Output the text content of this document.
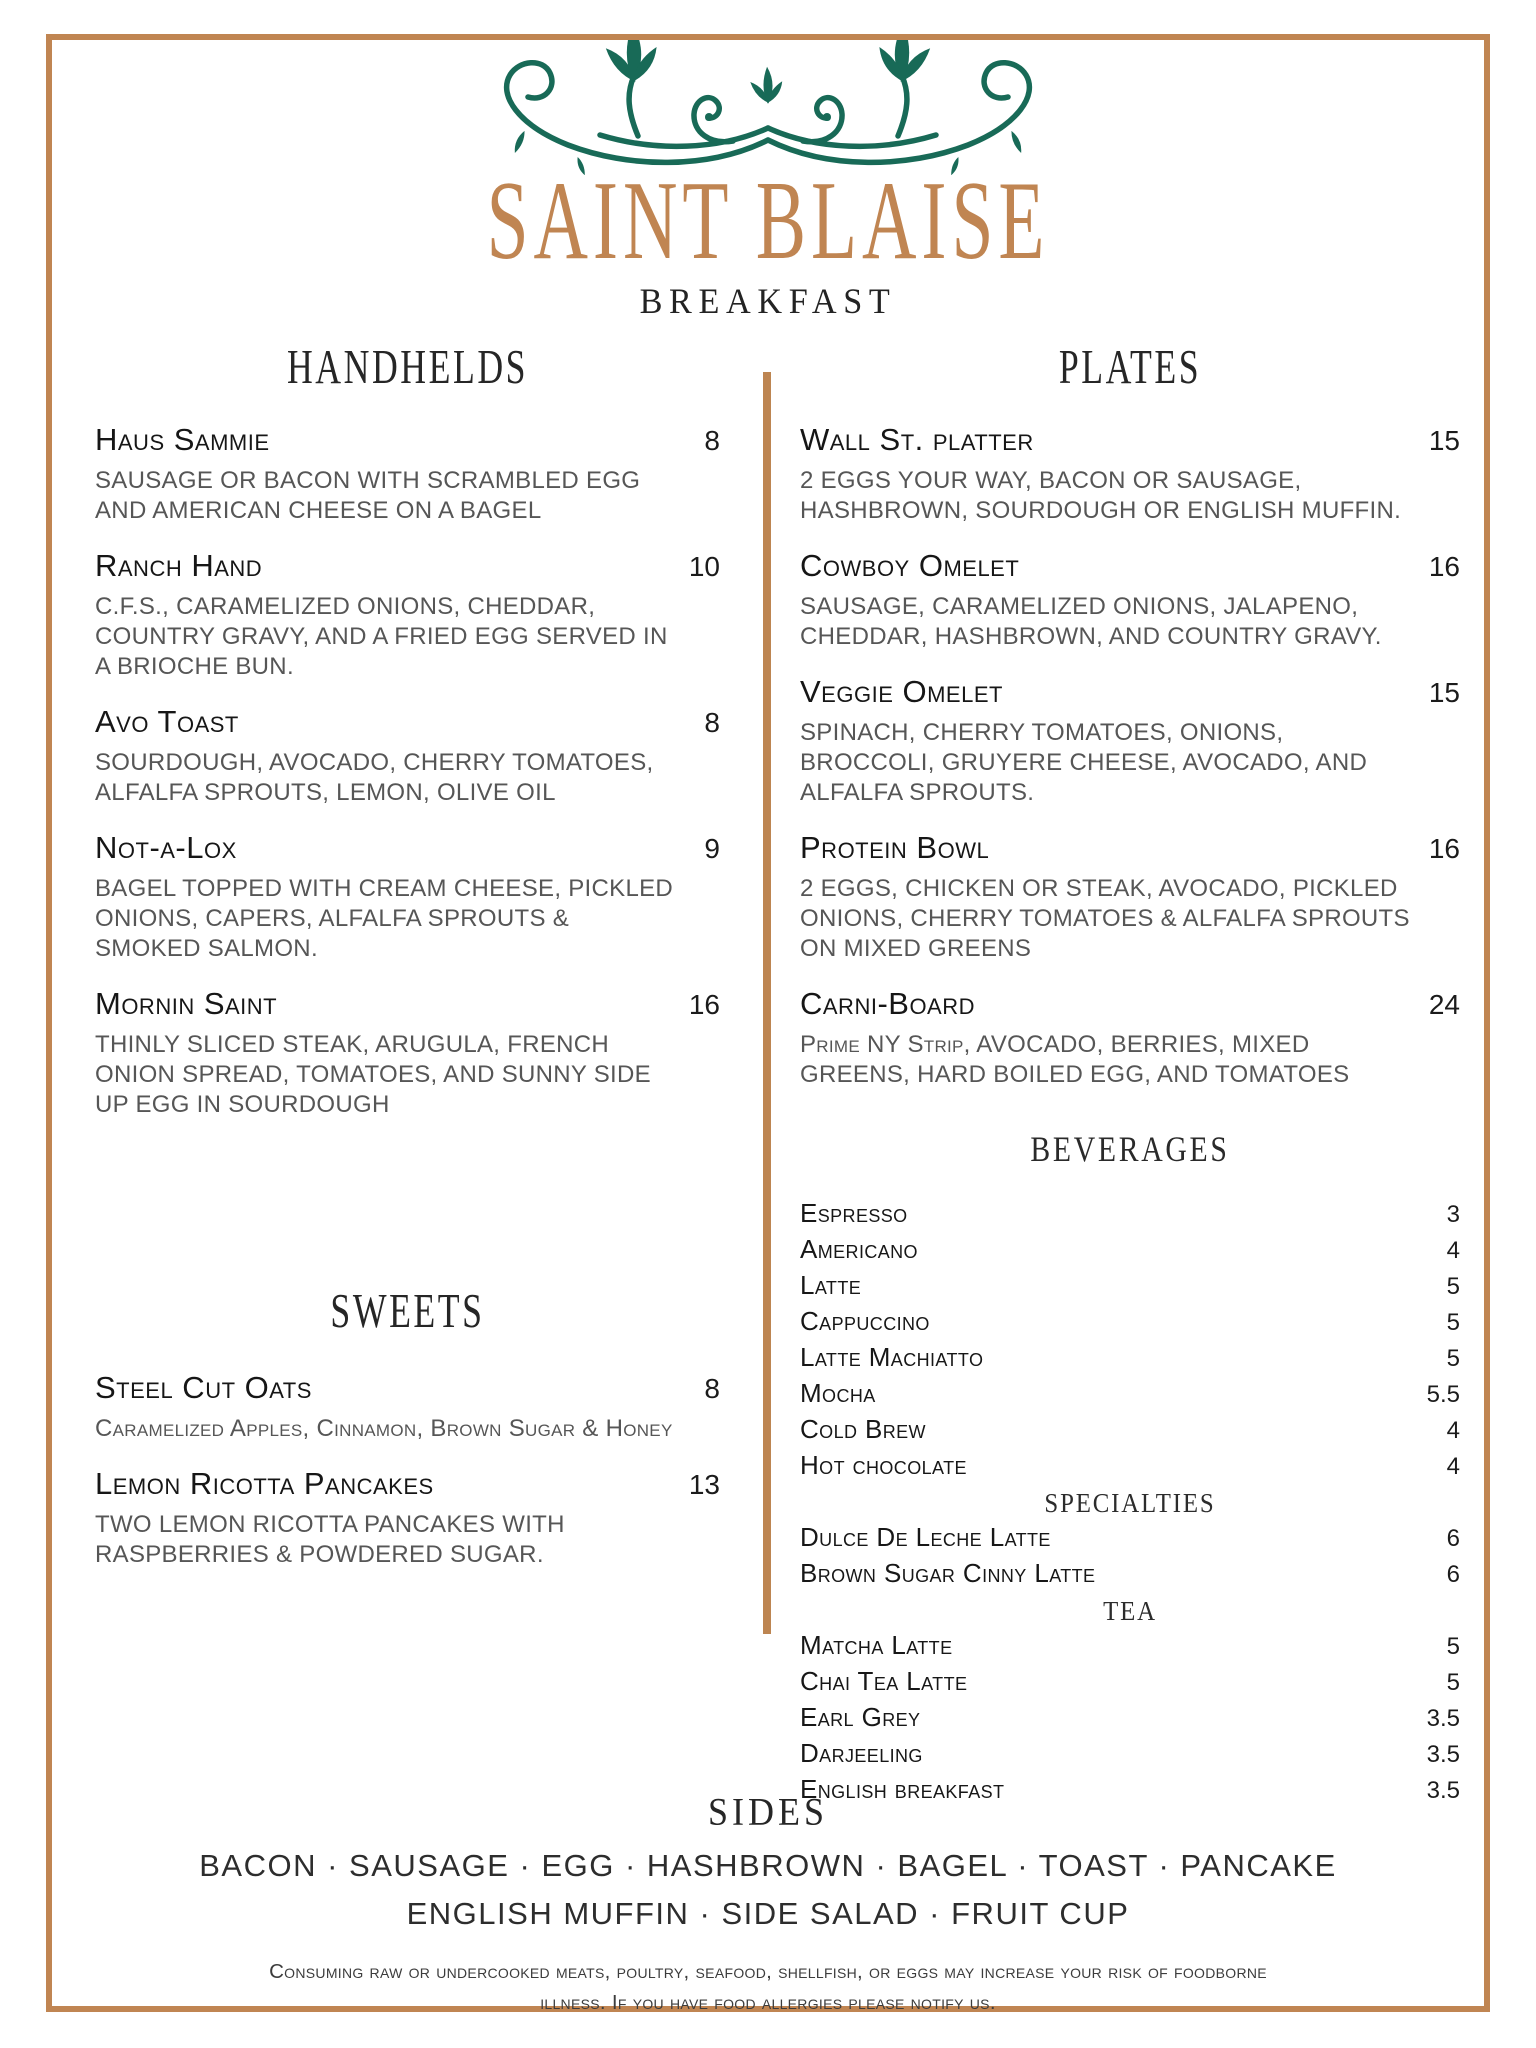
SAINT BLAISE
BREAKFAST
HANDHELDS
Haus Sammie	8
SAUSAGE OR BACON WITH SCRAMBLED EGG AND AMERICAN CHEESE ON A BAGEL
Ranch Hand	10
C.F.S., CARAMELIZED ONIONS, CHEDDAR, COUNTRY GRAVY, AND A FRIED EGG SERVED IN A BRIOCHE BUN.
Avo Toast	8
SOURDOUGH, AVOCADO, CHERRY TOMATOES, ALFALFA SPROUTS, LEMON, OLIVE OIL
Not-a-Lox	9
BAGEL TOPPED WITH CREAM CHEESE, PICKLED ONIONS, CAPERS, ALFALFA SPROUTS & SMOKED SALMON.
Mornin Saint	16
THINLY SLICED STEAK, ARUGULA, FRENCH ONION SPREAD, TOMATOES, AND SUNNY SIDE UP EGG IN SOURDOUGH
SWEETS
Steel Cut Oats	8
Caramelized Apples, Cinnamon, Brown Sugar & Honey
Lemon Ricotta Pancakes	13
TWO LEMON RICOTTA PANCAKES WITH RASPBERRIES & POWDERED SUGAR.
PLATES
Wall St. platter	15
2 EGGS YOUR WAY, BACON OR SAUSAGE, HASHBROWN, SOURDOUGH OR ENGLISH MUFFIN.
Cowboy Omelet	16
SAUSAGE, CARAMELIZED ONIONS, JALAPENO, CHEDDAR, HASHBROWN, AND COUNTRY GRAVY.
Veggie Omelet	15
SPINACH, CHERRY TOMATOES, ONIONS, BROCCOLI, GRUYERE CHEESE, AVOCADO, AND ALFALFA SPROUTS.
Protein Bowl	16
2 EGGS, CHICKEN OR STEAK, AVOCADO, PICKLED ONIONS, CHERRY TOMATOES & ALFALFA SPROUTS ON MIXED GREENS
Carni-Board	24
Prime NY Strip, AVOCADO, BERRIES, MIXED GREENS, HARD BOILED EGG, AND TOMATOES
BEVERAGES
Espresso	3
Americano	4
Latte	5
Cappuccino	5
Latte Machiatto	5
Mocha	5.5
Cold Brew	4
Hot chocolate	4
SPECIALTIES
Dulce De Leche Latte	6
Brown Sugar Cinny Latte	6
TEA
Matcha Latte	5
Chai Tea Latte	5
Earl Grey	3.5
Darjeeling	3.5
English breakfast	3.5
SIDES
BACON · SAUSAGE · EGG · HASHBROWN · BAGEL · TOAST · PANCAKE
ENGLISH MUFFIN · SIDE SALAD · FRUIT CUP
Consuming raw or undercooked meats, poultry, seafood, shellfish, or eggs may increase your risk of foodborne
illness. If you have food allergies please notify us.
